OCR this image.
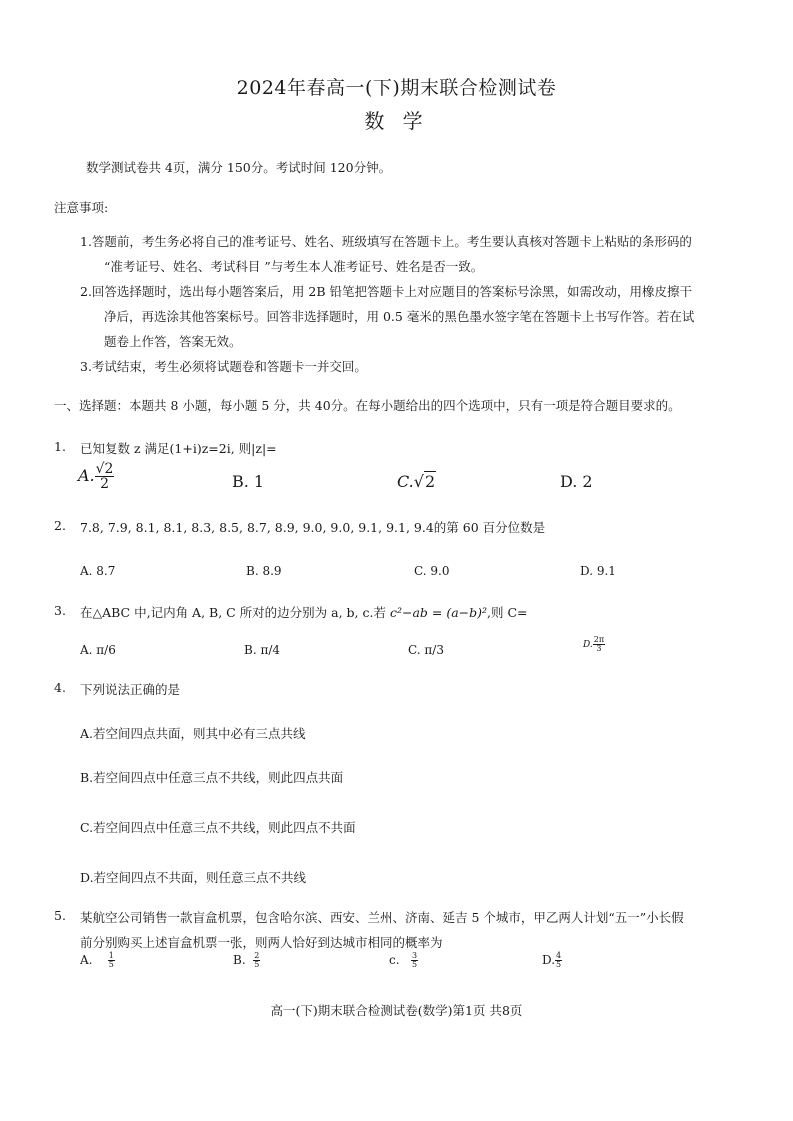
2024年春高一(下)期末联合检测试卷
数 学
数学测试卷共 4页，满分 150分。考试时间 120分钟。
注意事项:
1.答题前，考生务必将自己的准考证号、姓名、班级填写在答题卡上。考生要认真核对答题卡上粘贴的条形码的
“准考证号、姓名、考试科目 ”与考生本人准考证号、姓名是否一致。
2.回答选择题时，选出每小题答案后，用 2B 铅笔把答题卡上对应题目的答案标号涂黑，如需改动，用橡皮擦干
净后，再选涂其他答案标号。回答非选择题时，用 0.5 毫米的黑色墨水签字笔在答题卡上书写作答。若在试
题卷上作答，答案无效。
3.考试结束，考生必须将试题卷和答题卡一并交回。
一、选择题：本题共 8 小题，每小题 5 分，共 40分。在每小题给出的四个选项中，只有一项是符合题目要求的。
1. 已知复数 z 满足(1+i)z=2i, 则|z|=
A. $\frac{√2}{2}$	B. 1	C.√2	D. 2
2. 7.8, 7.9, 8.1, 8.1, 8.3, 8.5, 8.7, 8.9, 9.0, 9.0, 9.1, 9.1, 9.4的第 60 百分位数是
A. 8.7	B. 8.9	C. 9.0	D. 9.1
3. 在△ABC 中,记内角 A, B, C 所对的边分别为 a, b, c.若 c²−ab = (a−b)²,则 C=
A. π/6	B. π/4	C. π/3	D. $\frac{2\pi}{3}$
4. 下列说法正确的是
A.若空间四点共面，则其中必有三点共线
B.若空间四点中任意三点不共线，则此四点共面
C.若空间四点中任意三点不共线，则此四点不共面
D.若空间四点不共面，则任意三点不共线
5. 某航空公司销售一款盲盒机票，包含哈尔滨、西安、兰州、济南、延吉 5 个城市，甲乙两人计划“五一”小长假
前分别购买上述盲盒机票一张，则两人恰好到达城市相同的概率为
A. $\frac{1}{5}$	B. $\frac{2}{5}$	c. $\frac{3}{5}$	D. $\frac{4}{5}$
高一(下)期末联合检测试卷(数学)第1页 共8页
